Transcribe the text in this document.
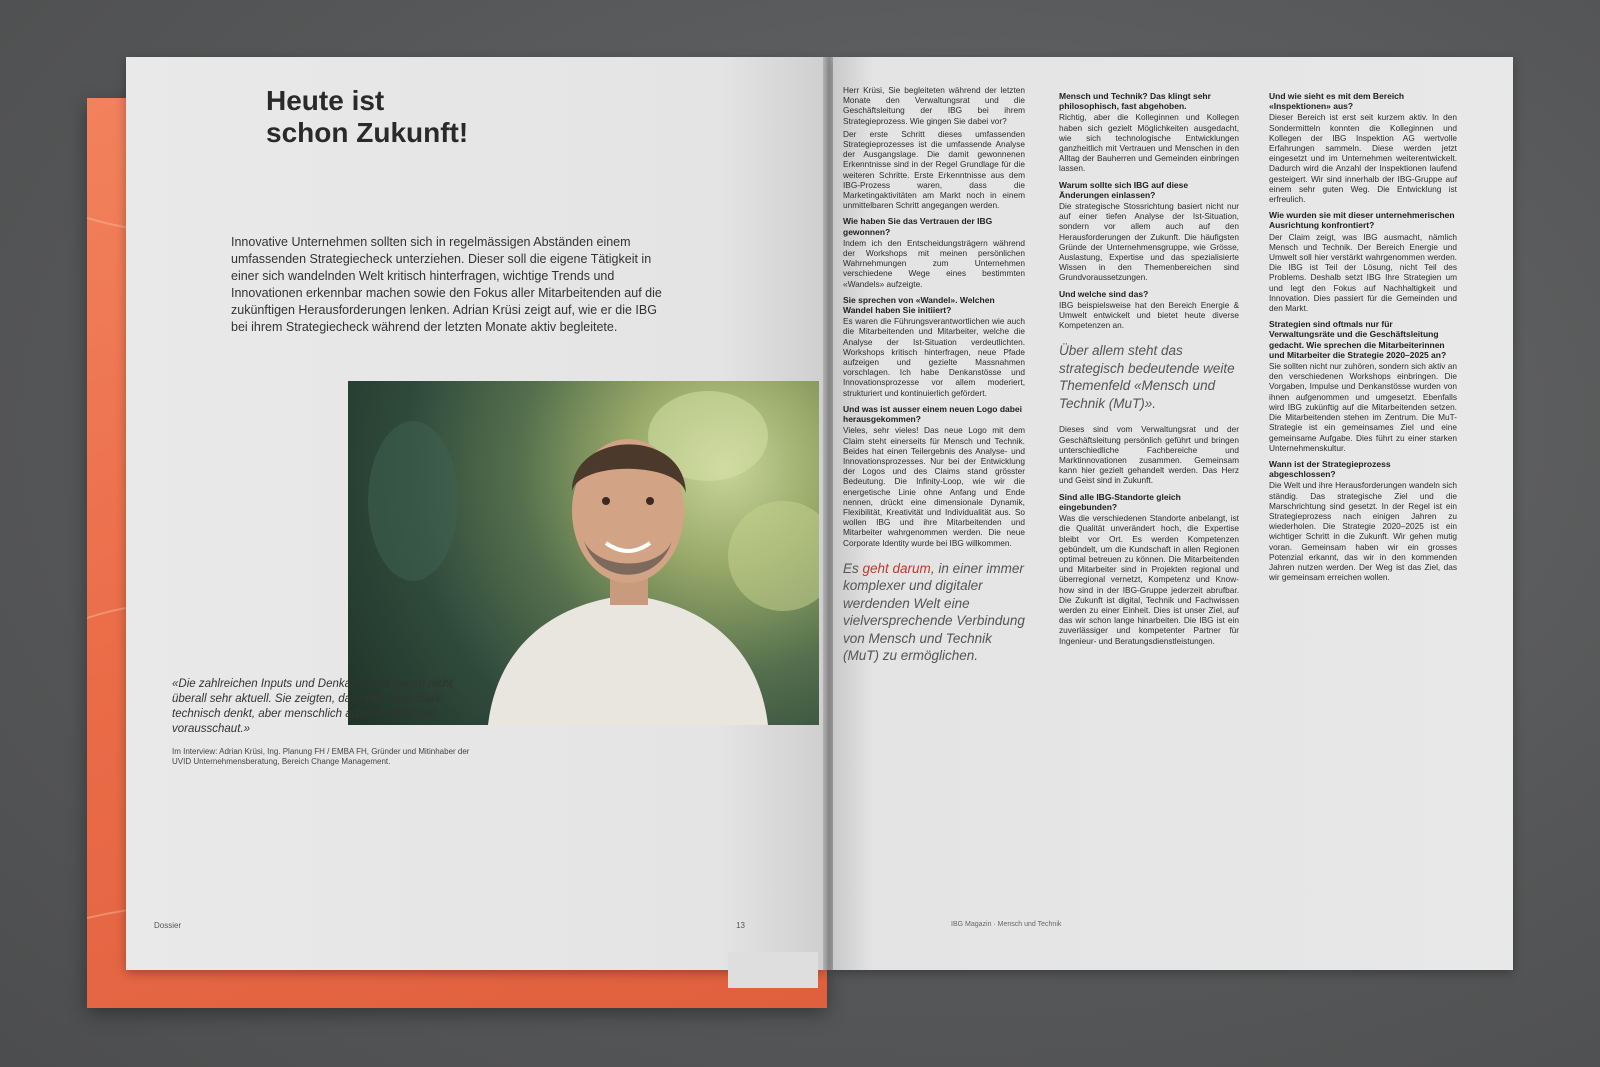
Heute ist
schon Zukunft!

Innovative Unternehmen sollten sich in regelmässigen Abständen einem umfassenden Strategiecheck unterziehen. Dieser soll die eigene Tätigkeit in einer sich wandelnden Welt kritisch hinterfragen, wichtige Trends und Innovationen erkennbar machen sowie den Fokus aller Mitarbeitenden auf die zukünftigen Herausforderungen lenken. Adrian Krüsi zeigt auf, wie er die IBG bei ihrem Strategiecheck während der letzten Monate aktiv begleitete.

«Die zahlreichen Inputs und Denkanstösse waren nicht überall sehr aktuell. Sie zeigten, dass IBG zwar stark technisch denkt, aber menschlich arbeitet, wirkt und vorausschaut.»

Im Interview: Adrian Krüsi, Ing. Planung FH / EMBA FH, Gründer und Mitinhaber der UVID Unternehmensberatung, Bereich Change Management.

Dossier	13

Herr Krüsi, Sie begleiteten während der letzten Monate den Verwaltungsrat und die Geschäftsleitung der IBG bei ihrem Strategieprozess. Wie gingen Sie dabei vor?

Der erste Schritt dieses umfassenden Strategieprozesses ist die umfassende Analyse der Ausgangslage. Die damit gewonnenen Erkenntnisse sind in der Regel Grundlage für die weiteren Schritte. Erste Erkenntnisse aus dem IBG-Prozess waren, dass die Marketingaktivitäten am Markt noch in einem unmittelbaren Schritt angegangen werden.

Wie haben Sie das Vertrauen der IBG gewonnen?

Indem ich den Entscheidungsträgern während der Workshops mit meinen persönlichen Wahrnehmungen zum Unternehmen verschiedene Wege eines bestimmten «Wandels» aufzeigte.

Sie sprechen von «Wandel». Welchen Wandel haben Sie initiiert?

Es waren die Führungsverantwortlichen wie auch die Mitarbeitenden und Mitarbeiter, welche die Analyse der Ist-Situation verdeutlichten. Workshops kritisch hinterfragen, neue Pfade aufzeigen und gezielte Massnahmen vorschlagen. Ich habe Denkanstösse und Innovationsprozesse vor allem moderiert, strukturiert und kontinuierlich gefördert.

Und was ist ausser einem neuen Logo dabei herausgekommen?

Vieles, sehr vieles! Das neue Logo mit dem Claim steht einerseits für Mensch und Technik. Beides hat einen Teilergebnis des Analyse- und Innovationsprozesses. Nur bei der Entwicklung der Logos und des Claims stand grösster Bedeutung. Die Infinity-Loop, wie wir die energetische Linie ohne Anfang und Ende nennen, drückt eine dimensionale Dynamik, Flexibilität, Kreativität und Individualität aus. So wollen IBG und ihre Mitarbeitenden und Mitarbeiter wahrgenommen werden. Die neue Corporate Identity wurde bei IBG willkommen.

Es geht darum, in einer immer komplexer und digitaler werdenden Welt eine vielversprechende Verbindung von Mensch und Technik (MuT) zu ermöglichen.

Mensch und Technik? Das klingt sehr philosophisch, fast abgehoben.

Richtig, aber die Kolleginnen und Kollegen haben sich gezielt Möglichkeiten ausgedacht, wie sich technologische Entwicklungen ganzheitlich mit Vertrauen und Menschen in den Alltag der Bauherren und Gemeinden einbringen lassen.

Warum sollte sich IBG auf diese Änderungen einlassen?

Die strategische Stossrichtung basiert nicht nur auf einer tiefen Analyse der Ist-Situation, sondern vor allem auch auf den Herausforderungen der Zukunft. Die häufigsten Gründe der Unternehmensgruppe, wie Grösse, Auslastung, Expertise und das spezialisierte Wissen in den Themenbereichen sind Grundvoraussetzungen.

Und welche sind das?

IBG beispielsweise hat den Bereich Energie & Umwelt entwickelt und bietet heute diverse Kompetenzen an.

Über allem steht das strategisch bedeutende weite Themenfeld «Mensch und Technik (MuT)».

Dieses sind vom Verwaltungsrat und der Geschäftsleitung persönlich geführt und bringen unterschiedliche Fachbereiche und Marktinnovationen zusammen. Gemeinsam kann hier gezielt gehandelt werden. Das Herz und Geist sind in Zukunft.

Sind alle IBG-Standorte gleich eingebunden?

Was die verschiedenen Standorte anbelangt, ist die Qualität unverändert hoch, die Expertise bleibt vor Ort. Es werden Kompetenzen gebündelt, um die Kundschaft in allen Regionen optimal betreuen zu können. Die Mitarbeitenden und Mitarbeiter sind in Projekten regional und überregional vernetzt, Kompetenz und Know-how sind in der IBG-Gruppe jederzeit abrufbar. Die Zukunft ist digital, Technik und Fachwissen werden zu einer Einheit. Dies ist unser Ziel, auf das wir schon lange hinarbeiten. Die IBG ist ein zuverlässiger und kompetenter Partner für Ingenieur- und Beratungsdienstleistungen.

Und wie sieht es mit dem Bereich «Inspektionen» aus?

Dieser Bereich ist erst seit kurzem aktiv. In den Sondermitteln konnten die Kolleginnen und Kollegen der IBG Inspektion AG wertvolle Erfahrungen sammeln. Diese werden jetzt eingesetzt und im Unternehmen weiterentwickelt. Dadurch wird die Anzahl der Inspektionen laufend gesteigert. Wir sind innerhalb der IBG-Gruppe auf einem sehr guten Weg. Die Entwicklung ist erfreulich.

Wie wurden sie mit dieser unternehmerischen Ausrichtung konfrontiert?

Der Claim zeigt, was IBG ausmacht, nämlich Mensch und Technik. Der Bereich Energie und Umwelt soll hier verstärkt wahrgenommen werden. Die IBG ist Teil der Lösung, nicht Teil des Problems. Deshalb setzt IBG Ihre Strategien um und legt den Fokus auf Nachhaltigkeit und Innovation. Dies passiert für die Gemeinden und den Markt.

Strategien sind oftmals nur für Verwaltungsräte und die Geschäftsleitung gedacht. Wie sprechen die Mitarbeiterinnen und Mitarbeiter die Strategie 2020–2025 an?

Sie sollten nicht nur zuhören, sondern sich aktiv an den verschiedenen Workshops einbringen. Die Vorgaben, Impulse und Denkanstösse wurden von ihnen aufgenommen und umgesetzt. Ebenfalls wird IBG zukünftig auf die Mitarbeitenden setzen. Die Mitarbeitenden stehen im Zentrum. Die MuT-Strategie ist ein gemeinsames Ziel und eine gemeinsame Aufgabe. Dies führt zu einer starken Unternehmenskultur.

Wann ist der Strategieprozess abgeschlossen?

Die Welt und ihre Herausforderungen wandeln sich ständig. Das strategische Ziel und die Marschrichtung sind gesetzt. In der Regel ist ein Strategieprozess nach einigen Jahren zu wiederholen. Die Strategie 2020–2025 ist ein wichtiger Schritt in die Zukunft. Wir gehen mutig voran. Gemeinsam haben wir ein grosses Potenzial erkannt, das wir in den kommenden Jahren nutzen werden. Der Weg ist das Ziel, das wir gemeinsam erreichen wollen.

IBG Magazin · Mensch und Technik
